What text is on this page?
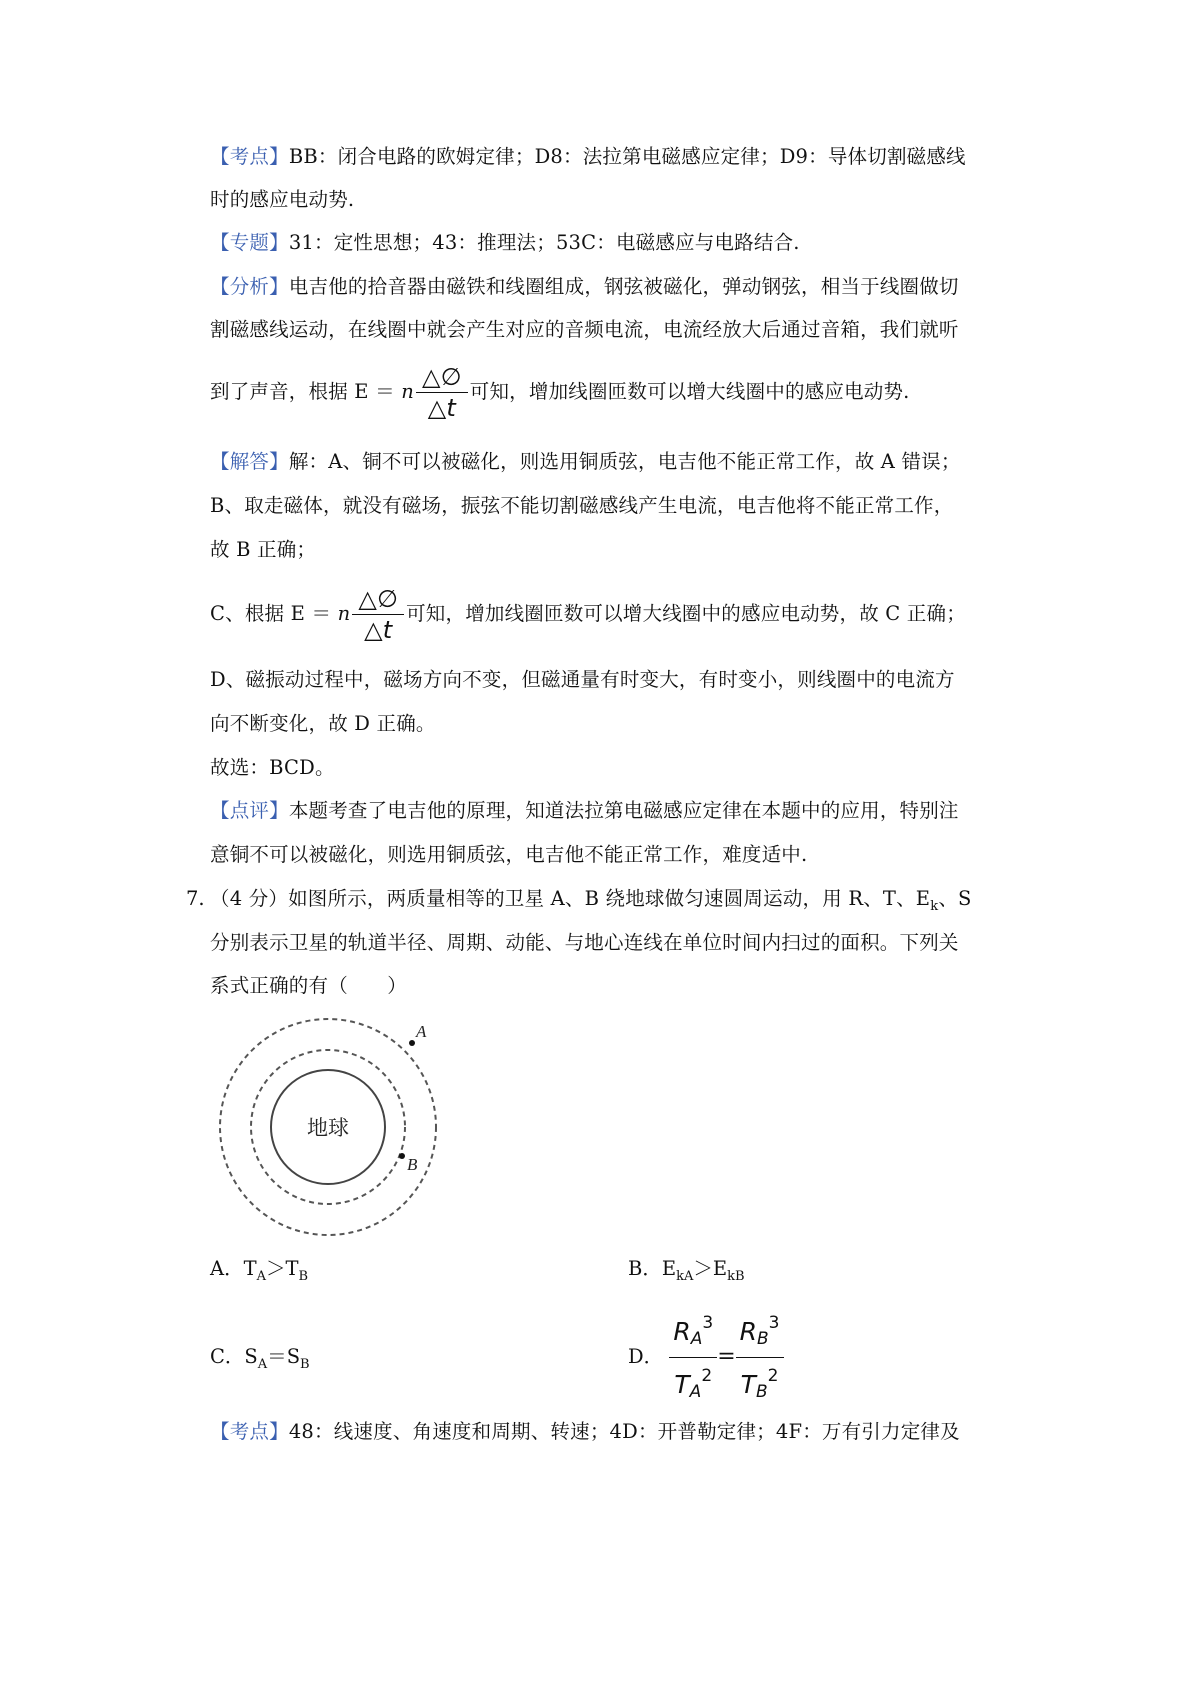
【考点】BB：闭合电路的欧姆定律；D8：法拉第电磁感应定律；D9：导体切割磁感线
时的感应电动势.
【专题】31：定性思想；43：推理法；53C：电磁感应与电路结合.
【分析】电吉他的拾音器由磁铁和线圈组成，钢弦被磁化，弹动钢弦，相当于线圈做切
割磁感线运动，在线圈中就会产生对应的音频电流，电流经放大后通过音箱，我们就听
到了声音，根据 E ＝ n $\frac{\triangle\emptyset}{\triangle t}$ 可知，增加线圈匝数可以增大线圈中的感应电动势.
【解答】解：A、铜不可以被磁化，则选用铜质弦，电吉他不能正常工作，故 A 错误；
B、取走磁体，就没有磁场，振弦不能切割磁感线产生电流，电吉他将不能正常工作，
故 B 正确；
C、根据 E ＝ n $\frac{\triangle\emptyset}{\triangle t}$ 可知，增加线圈匝数可以增大线圈中的感应电动势，故 C 正确；
D、磁振动过程中，磁场方向不变，但磁通量有时变大，有时变小，则线圈中的电流方
向不断变化，故 D 正确。
故选：BCD。
【点评】本题考查了电吉他的原理，知道法拉第电磁感应定律在本题中的应用，特别注
意铜不可以被磁化，则选用铜质弦，电吉他不能正常工作，难度适中.
7. （4 分）如图所示，两质量相等的卫星 A、B 绕地球做匀速圆周运动，用 R、T、$E_k$、S
分别表示卫星的轨道半径、周期、动能、与地心连线在单位时间内扫过的面积。下列关
系式正确的有（　　）
地球
A
B
A．$T_A>T_B$	B．$E_{kA}>E_{kB}$
C．$S_A=S_B$	D． $\frac{R_A^3}{T_A^2} = \frac{R_B^3}{T_B^2}$
【考点】48：线速度、角速度和周期、转速；4D：开普勒定律；4F：万有引力定律及
